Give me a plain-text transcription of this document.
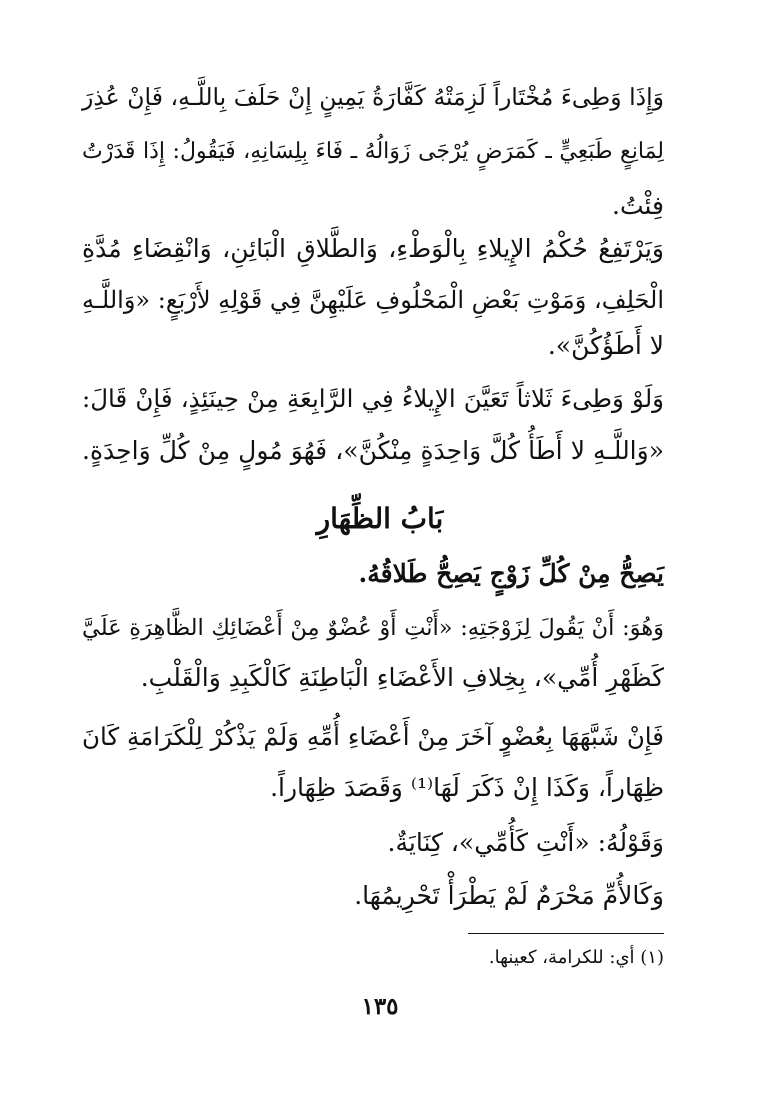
وَإِذَا وَطِىءَ مُخْتَاراً لَزِمَتْهُ كَفَّارَةُ يَمِينٍ إِنْ حَلَفَ بِاللَّـهِ، فَإِنْ عُذِرَ
لِمَانِعٍ طَبَعِيٍّ ـ كَمَرَضٍ يُرْجَى زَوَالُهُ ـ فَاءَ بِلِسَانِهِ، فَيَقُولُ: إِذَا قَدَرْتُ
فِئْتُ.
وَيَرْتَفِعُ حُكْمُ الإِيلاءِ بِالْوَطْءِ، وَالطَّلاقِ الْبَائِنِ، وَانْقِضَاءِ مُدَّةِ
الْحَلِفِ، وَمَوْتِ بَعْضِ الْمَحْلُوفِ عَلَيْهِنَّ فِي قَوْلِهِ لأَرْبَعٍ: «وَاللَّـهِ
لا أَطَؤُكُنَّ».
وَلَوْ وَطِىءَ ثَلاثاً تَعَيَّنَ الإِيلاءُ فِي الرَّابِعَةِ مِنْ حِينَئِذٍ، فَإِنْ قَالَ:
«وَاللَّـهِ لا أَطَأُ كُلَّ وَاحِدَةٍ مِنْكُنَّ»، فَهُوَ مُولٍ مِنْ كُلِّ وَاحِدَةٍ.
بَابُ الظِّهَارِ
يَصِحُّ مِنْ كُلِّ زَوْجٍ يَصِحُّ طَلاقُهُ.
وَهُوَ: أَنْ يَقُولَ لِزَوْجَتِهِ: «أَنْتِ أَوْ عُضْوٌ مِنْ أَعْضَائِكِ الظَّاهِرَةِ عَلَيَّ
كَظَهْرِ أُمِّي»، بِخِلافِ الأَعْضَاءِ الْبَاطِنَةِ كَالْكَبِدِ وَالْقَلْبِ.
فَإِنْ شَبَّهَهَا بِعُضْوٍ آخَرَ مِنْ أَعْضَاءِ أُمِّهِ وَلَمْ يَذْكُرْ لِلْكَرَامَةِ كَانَ
ظِهَاراً، وَكَذَا إِنْ ذَكَرَ لَهَا⁽¹⁾ وَقَصَدَ ظِهَاراً.
وَقَوْلُهُ: «أَنْتِ كَأُمِّي»، كِنَايَةٌ.
وَكَالأُمِّ مَحْرَمٌ لَمْ يَطْرَأْ تَحْرِيمُهَا.
(١) أي: للكرامة، كعينها.
١٣٥
